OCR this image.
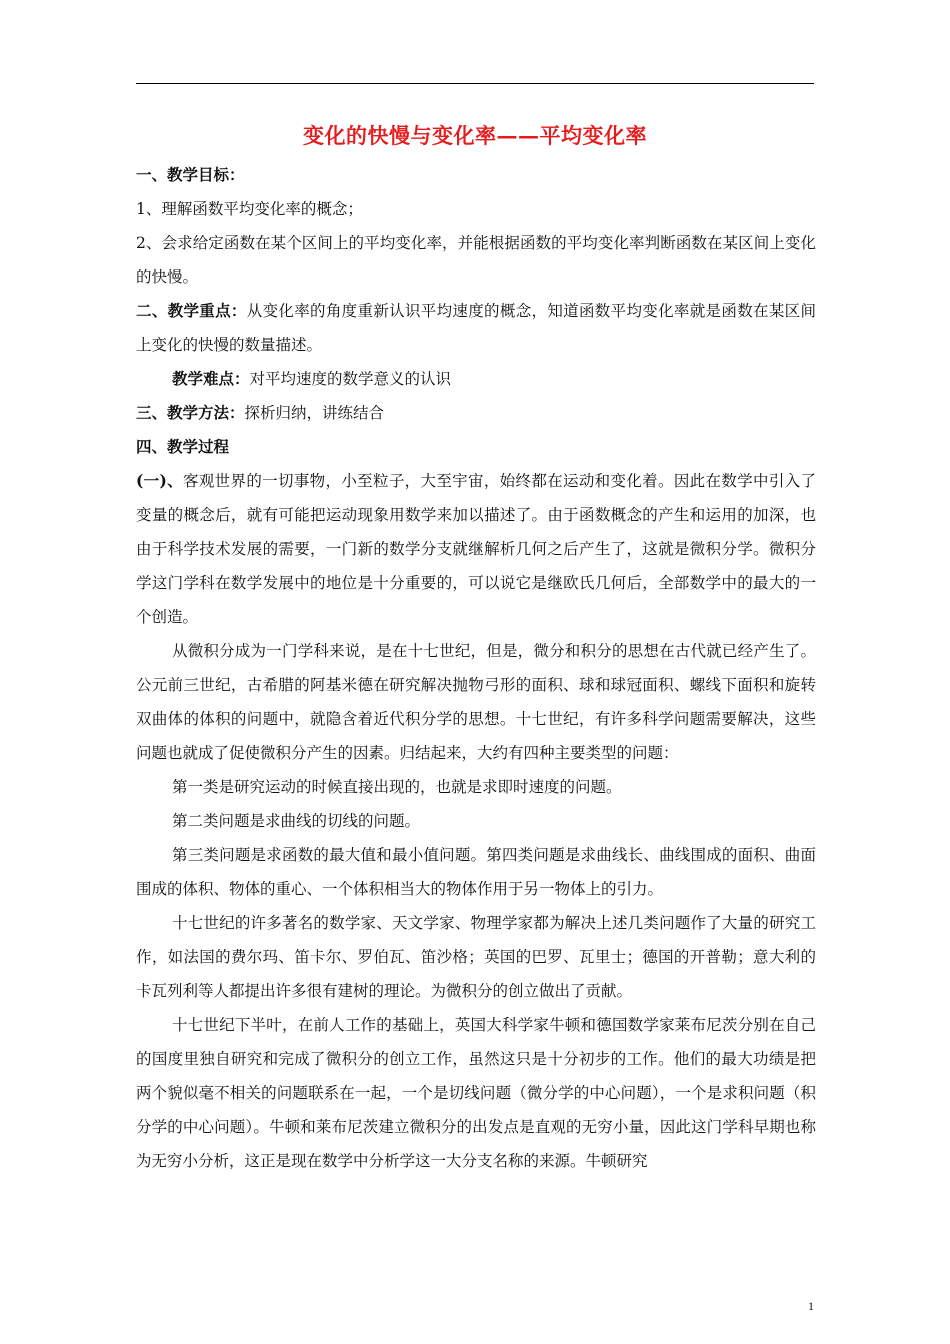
变化的快慢与变化率——平均变化率

一、教学目标：

1、理解函数平均变化率的概念；

2、会求给定函数在某个区间上的平均变化率，并能根据函数的平均变化率判断函数在某区间上变化的快慢。

二、教学重点：从变化率的角度重新认识平均速度的概念，知道函数平均变化率就是函数在某区间上变化的快慢的数量描述。

教学难点：对平均速度的数学意义的认识

三、教学方法：探析归纳，讲练结合

四、教学过程

(一)、客观世界的一切事物，小至粒子，大至宇宙，始终都在运动和变化着。因此在数学中引入了变量的概念后，就有可能把运动现象用数学来加以描述了。由于函数概念的产生和运用的加深，也由于科学技术发展的需要，一门新的数学分支就继解析几何之后产生了，这就是微积分学。微积分学这门学科在数学发展中的地位是十分重要的，可以说它是继欧氏几何后，全部数学中的最大的一个创造。

从微积分成为一门学科来说，是在十七世纪，但是，微分和积分的思想在古代就已经产生了。公元前三世纪，古希腊的阿基米德在研究解决抛物弓形的面积、球和球冠面积、螺线下面积和旋转双曲体的体积的问题中，就隐含着近代积分学的思想。十七世纪，有许多科学问题需要解决，这些问题也就成了促使微积分产生的因素。归结起来，大约有四种主要类型的问题：

第一类是研究运动的时候直接出现的，也就是求即时速度的问题。

第二类问题是求曲线的切线的问题。

第三类问题是求函数的最大值和最小值问题。第四类问题是求曲线长、曲线围成的面积、曲面围成的体积、物体的重心、一个体积相当大的物体作用于另一物体上的引力。

十七世纪的许多著名的数学家、天文学家、物理学家都为解决上述几类问题作了大量的研究工作，如法国的费尔玛、笛卡尔、罗伯瓦、笛沙格；英国的巴罗、瓦里士；德国的开普勒；意大利的卡瓦列利等人都提出许多很有建树的理论。为微积分的创立做出了贡献。

十七世纪下半叶，在前人工作的基础上，英国大科学家牛顿和德国数学家莱布尼茨分别在自己的国度里独自研究和完成了微积分的创立工作，虽然这只是十分初步的工作。他们的最大功绩是把两个貌似毫不相关的问题联系在一起，一个是切线问题（微分学的中心问题），一个是求积问题（积分学的中心问题）。牛顿和莱布尼茨建立微积分的出发点是直观的无穷小量，因此这门学科早期也称为无穷小分析，这正是现在数学中分析学这一大分支名称的来源。牛顿研究

1
